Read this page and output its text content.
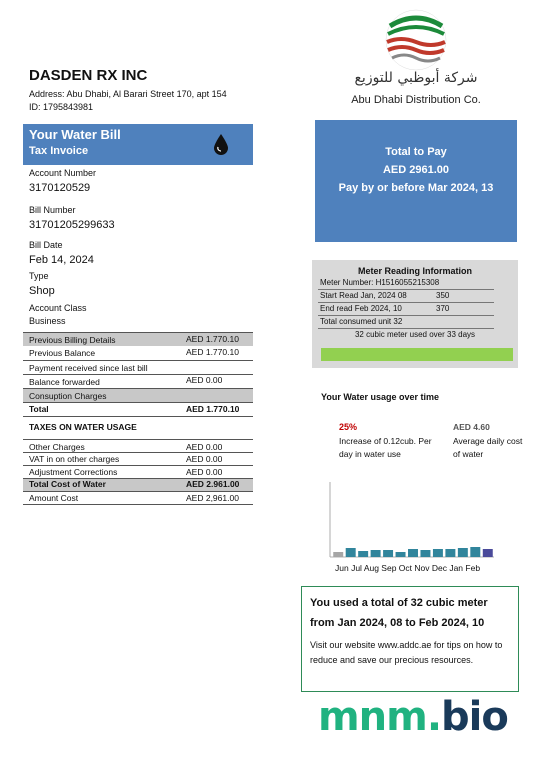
DASDEN RX INC
Address: Abu Dhabi, Al Barari Street 170, apt 154
ID: 1795843981
شركة أبوظبي للتوزيع
Abu Dhabi Distribution Co.
Your Water Bill
Tax Invoice
Account Number
3170120529
Bill Number
31701205299633
Bill Date
Feb 14, 2024
Type
Shop
Account Class
Business
Previous Billing Details	AED 1.770.10
Previous Balance	AED 1.770.10
Payment received since last bill
Balance forwarded	AED 0.00
Consuption Charges
Total	AED 1.770.10
TAXES ON WATER USAGE
Other Charges	AED 0.00
VAT in on other charges	AED 0.00
Adjustment Corrections	AED 0.00
Total Cost of Water	AED 2.961.00
Amount Cost	AED 2,961.00
Total to Pay
AED 2961.00
Pay by or before Mar 2024, 13
Meter Reading Information
Meter Number: H1516055215308
Start Read Jan, 2024 08	350
End read Feb 2024, 10	370
Total consumed unit 32
32 cubic meter used over 33 days
Your Water usage over time
25%
Increase of 0.12cub. Per day in water use
AED 4.60
Average daily cost of water
Jun Jul Aug Sep Oct Nov Dec Jan Feb
You used a total of 32 cubic meter from Jan 2024, 08 to Feb 2024, 10
Visit our website www.addc.ae for tips on how to reduce and save our precious resources.
mnm.bio
